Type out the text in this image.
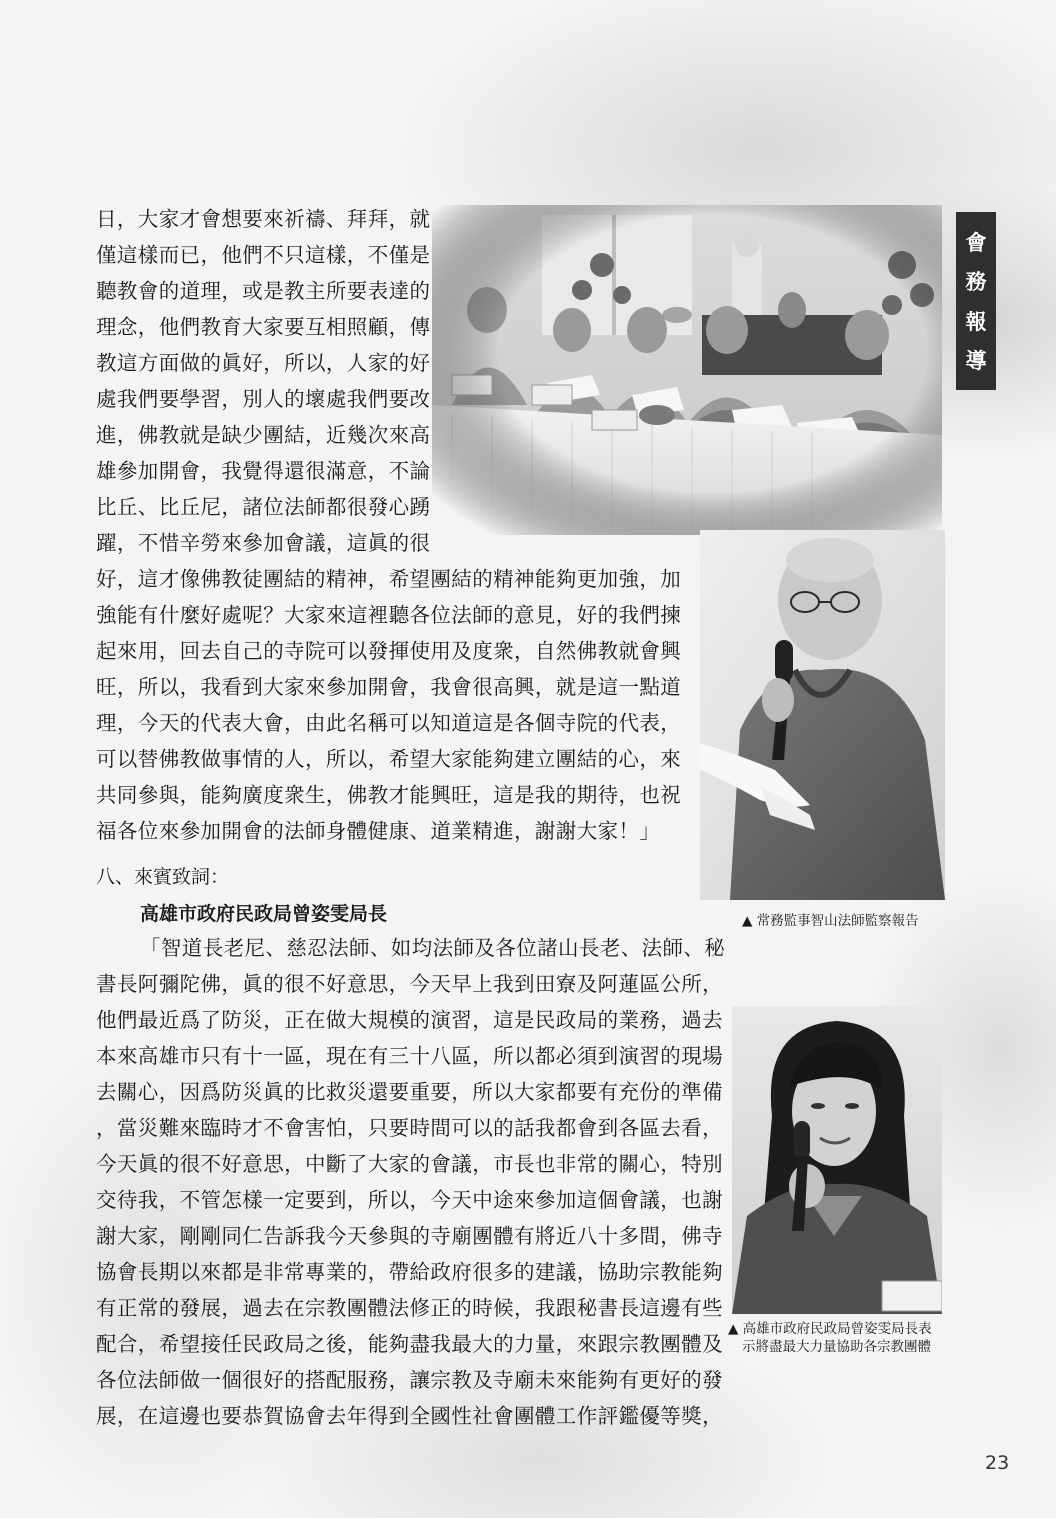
會
務
報
導
▲ 常務監事智山法師監察報告
▲ 高雄市政府民政局曾姿雯局長表
示將盡最大力量協助各宗教團體
日，大家才會想要來祈禱、拜拜，就
僅這樣而已，他們不只這樣，不僅是
聽教會的道理，或是教主所要表達的
理念，他們教育大家要互相照顧，傳
教這方面做的眞好，所以，人家的好
處我們要學習，別人的壞處我們要改
進，佛教就是缺少團結，近幾次來高
雄參加開會，我覺得還很滿意，不論
比丘、比丘尼，諸位法師都很發心踴
躍，不惜辛勞來參加會議，這眞的很
好，這才像佛教徒團結的精神，希望團結的精神能夠更加強，加
強能有什麼好處呢？大家來這裡聽各位法師的意見，好的我們揀
起來用，回去自己的寺院可以發揮使用及度衆，自然佛教就會興
旺，所以，我看到大家來參加開會，我會很高興，就是這一點道
理，今天的代表大會，由此名稱可以知道這是各個寺院的代表，
可以替佛教做事情的人，所以，希望大家能夠建立團結的心，來
共同參與，能夠廣度衆生，佛教才能興旺，這是我的期待，也祝
福各位來參加開會的法師身體健康、道業精進，謝謝大家！」
八、來賓致詞：
高雄市政府民政局曾姿雯局長
「智道長老尼、慈忍法師、如均法師及各位諸山長老、法師、秘
書長阿彌陀佛，眞的很不好意思，今天早上我到田寮及阿蓮區公所，
他們最近爲了防災，正在做大規模的演習，這是民政局的業務，過去
本來高雄市只有十一區，現在有三十八區，所以都必須到演習的現場
去關心，因爲防災眞的比救災還要重要，所以大家都要有充份的準備
，當災難來臨時才不會害怕，只要時間可以的話我都會到各區去看，
今天眞的很不好意思，中斷了大家的會議，市長也非常的關心，特別
交待我，不管怎樣一定要到，所以，今天中途來參加這個會議，也謝
謝大家，剛剛同仁告訴我今天參與的寺廟團體有將近八十多間，佛寺
協會長期以來都是非常專業的，帶給政府很多的建議，協助宗教能夠
有正常的發展，過去在宗教團體法修正的時候，我跟秘書長這邊有些
配合，希望接任民政局之後，能夠盡我最大的力量，來跟宗教團體及
各位法師做一個很好的搭配服務，讓宗教及寺廟未來能夠有更好的發
展，在這邊也要恭賀協會去年得到全國性社會團體工作評鑑優等獎，
23
